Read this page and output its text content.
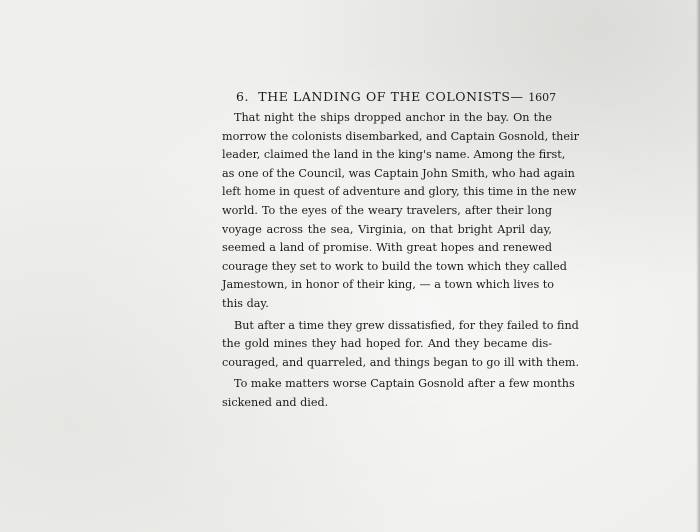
6. THE LANDING OF THE COLONISTS— 1607
That night the ships dropped anchor in the bay. On the
morrow the colonists disembarked, and Captain Gosnold, their
leader, claimed the land in the king's name. Among the first,
as one of the Council, was Captain John Smith, who had again
left home in quest of adventure and glory, this time in the new
world. To the eyes of the weary travelers, after their long
voyage across the sea, Virginia, on that bright April day,
seemed a land of promise. With great hopes and renewed
courage they set to work to build the town which they called
Jamestown, in honor of their king, — a town which lives to
this day.
But after a time they grew dissatisfied, for they failed to find
the gold mines they had hoped for. And they became dis-
couraged, and quarreled, and things began to go ill with them.
To make matters worse Captain Gosnold after a few months
sickened and died.
